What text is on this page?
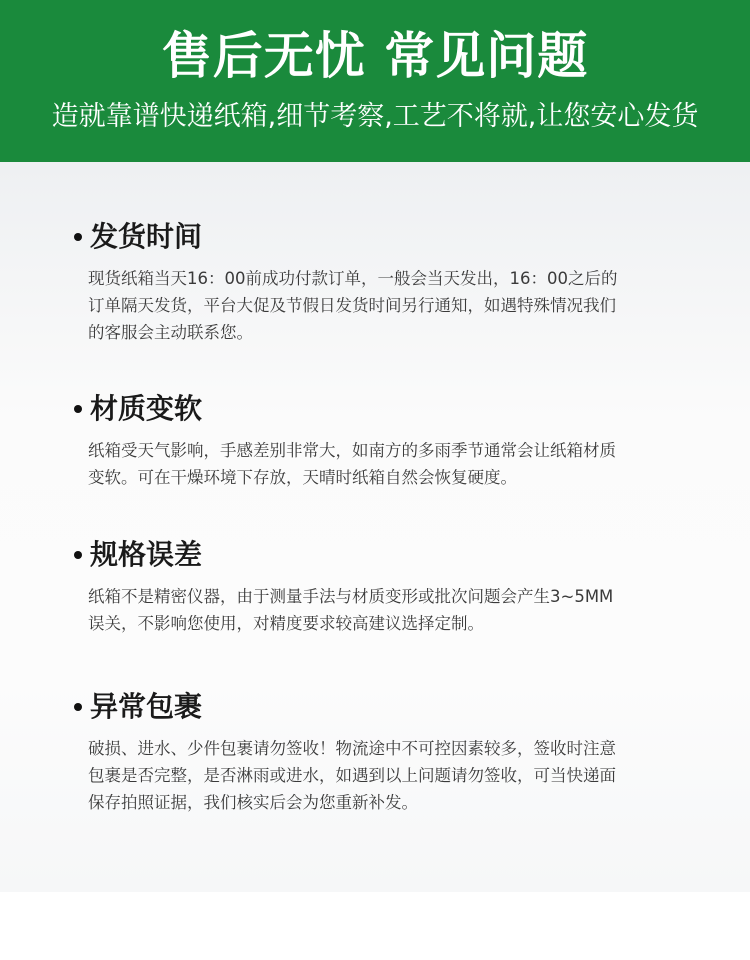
售后无忧 常见问题
造就靠谱快递纸箱,细节考察,工艺不将就,让您安心发货
发货时间
现货纸箱当天16：00前成功付款订单，一般会当天发出，16：00之后的
订单隔天发货，平台大促及节假日发货时间另行通知，如遇特殊情况我们
的客服会主动联系您。
材质变软
纸箱受天气影响，手感差别非常大，如南方的多雨季节通常会让纸箱材质
变软。可在干燥环境下存放，天晴时纸箱自然会恢复硬度。
规格误差
纸箱不是精密仪器，由于测量手法与材质变形或批次问题会产生3~5MM
误关，不影响您使用，对精度要求较高建议选择定制。
异常包裹
破损、进水、少件包裹请勿签收！物流途中不可控因素较多，签收时注意
包裹是否完整，是否淋雨或进水，如遇到以上问题请勿签收，可当快递面
保存拍照证据，我们核实后会为您重新补发。
